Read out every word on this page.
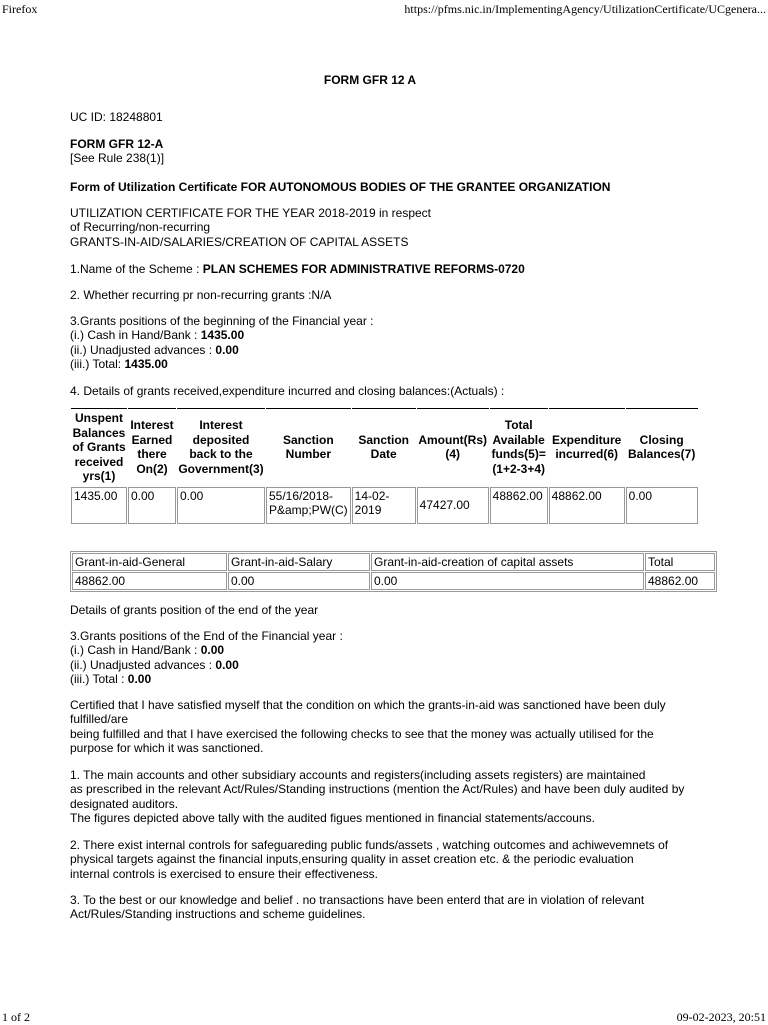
Firefox	https://pfms.nic.in/ImplementingAgency/UtilizationCertificate/UCgenera...
FORM GFR 12 A
UC ID: 18248801
FORM GFR 12-A
[See Rule 238(1)]
Form of Utilization Certificate FOR AUTONOMOUS BODIES OF THE GRANTEE ORGANIZATION
UTILIZATION CERTIFICATE FOR THE YEAR 2018-2019 in respect
of Recurring/non-recurring
GRANTS-IN-AID/SALARIES/CREATION OF CAPITAL ASSETS
1.Name of the Scheme : PLAN SCHEMES FOR ADMINISTRATIVE REFORMS-0720
2. Whether recurring pr non-recurring grants :N/A
3.Grants positions of the beginning of the Financial year :
(i.) Cash in Hand/Bank : 1435.00
(ii.) Unadjusted advances : 0.00
(iii.) Total: 1435.00
4. Details of grants received,expenditure incurred and closing balances:(Actuals) :
Unspent Balances of Grants received yrs(1)	Interest Earned there On(2)	Interest deposited back to the Government(3)	Sanction Number	Sanction Date	Amount(Rs) (4)	Total Available funds(5)= (1+2-3+4)	Expenditure incurred(6)	Closing Balances(7)
1435.00	0.00	0.00	55/16/2018-P&amp;PW(C)	14-02-2019	47427.00	48862.00	48862.00	0.00
Grant-in-aid-General	Grant-in-aid-Salary	Grant-in-aid-creation of capital assets	Total
48862.00	0.00	0.00	48862.00
Details of grants position of the end of the year
3.Grants positions of the End of the Financial year :
(i.) Cash in Hand/Bank : 0.00
(ii.) Unadjusted advances : 0.00
(iii.) Total : 0.00
Certified that I have satisfied myself that the condition on which the grants-in-aid was sanctioned have been duly
fulfilled/are
being fulfilled and that I have exercised the following checks to see that the money was actually utilised for the
purpose for which it was sanctioned.
1. The main accounts and other subsidiary accounts and registers(including assets registers) are maintained
as prescribed in the relevant Act/Rules/Standing instructions (mention the Act/Rules) and have been duly audited by
designated auditors.
The figures depicted above tally with the audited figues mentioned in financial statements/accouns.
2. There exist internal controls for safeguareding public funds/assets , watching outcomes and achiwevemnets of
physical targets against the financial inputs,ensuring quality in asset creation etc. & the periodic evaluation
internal controls is exercised to ensure their effectiveness.
3. To the best or our knowledge and belief . no transactions have been enterd that are in violation of relevant
Act/Rules/Standing instructions and scheme guidelines.
1 of 2	09-02-2023, 20:51
